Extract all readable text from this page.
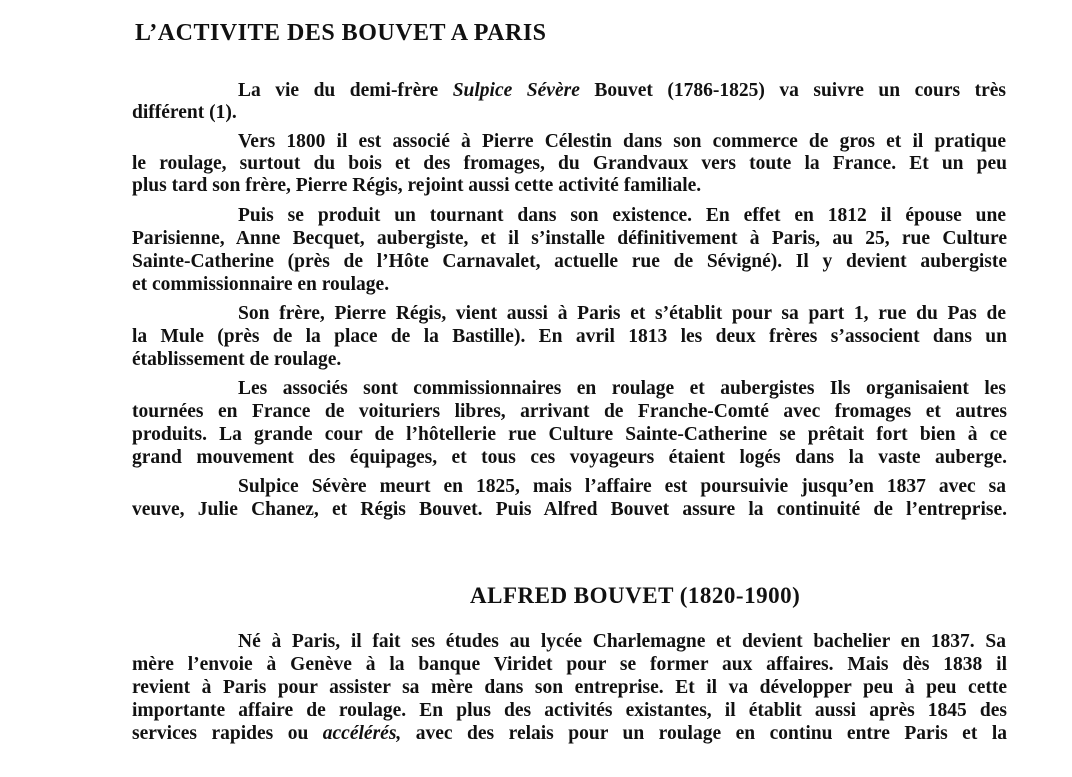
L’ACTIVITE DES BOUVET A PARIS
La vie du demi-frère Sulpice Sévère Bouvet (1786-1825) va suivre un cours très
différent (1).
Vers 1800 il est associé à Pierre Célestin dans son commerce de gros et il pratique
le roulage, surtout du bois et des fromages, du Grandvaux vers toute la France. Et un peu
plus tard son frère, Pierre Régis, rejoint aussi cette activité familiale.
Puis se produit un tournant dans son existence. En effet en 1812 il épouse une
Parisienne, Anne Becquet, aubergiste, et il s’installe définitivement à Paris, au 25, rue Culture
Sainte-Catherine (près de l’Hôte Carnavalet, actuelle rue de Sévigné). Il y devient aubergiste
et commissionnaire en roulage.
Son frère, Pierre Régis, vient aussi à Paris et s’établit pour sa part 1, rue du Pas de
la Mule (près de la place de la Bastille). En avril 1813 les deux frères s’associent dans un
établissement de roulage.
Les associés sont commissionnaires en roulage et aubergistes Ils organisaient les
tournées en France de voituriers libres, arrivant de Franche-Comté avec fromages et autres
produits. La grande cour de l’hôtellerie rue Culture Sainte-Catherine se prêtait fort bien à ce
grand mouvement des équipages, et tous ces voyageurs étaient logés dans la vaste auberge.
Sulpice Sévère meurt en 1825, mais l’affaire est poursuivie jusqu’en 1837 avec sa
veuve, Julie Chanez, et Régis Bouvet. Puis Alfred Bouvet assure la continuité de l’entreprise.
ALFRED BOUVET (1820-1900)
Né à Paris, il fait ses études au lycée Charlemagne et devient bachelier en 1837. Sa
mère l’envoie à Genève à la banque Viridet pour se former aux affaires. Mais dès 1838 il
revient à Paris pour assister sa mère dans son entreprise. Et il va développer peu à peu cette
importante affaire de roulage. En plus des activités existantes, il établit aussi après 1845 des
services rapides ou accélérés, avec des relais pour un roulage en continu entre Paris et la
